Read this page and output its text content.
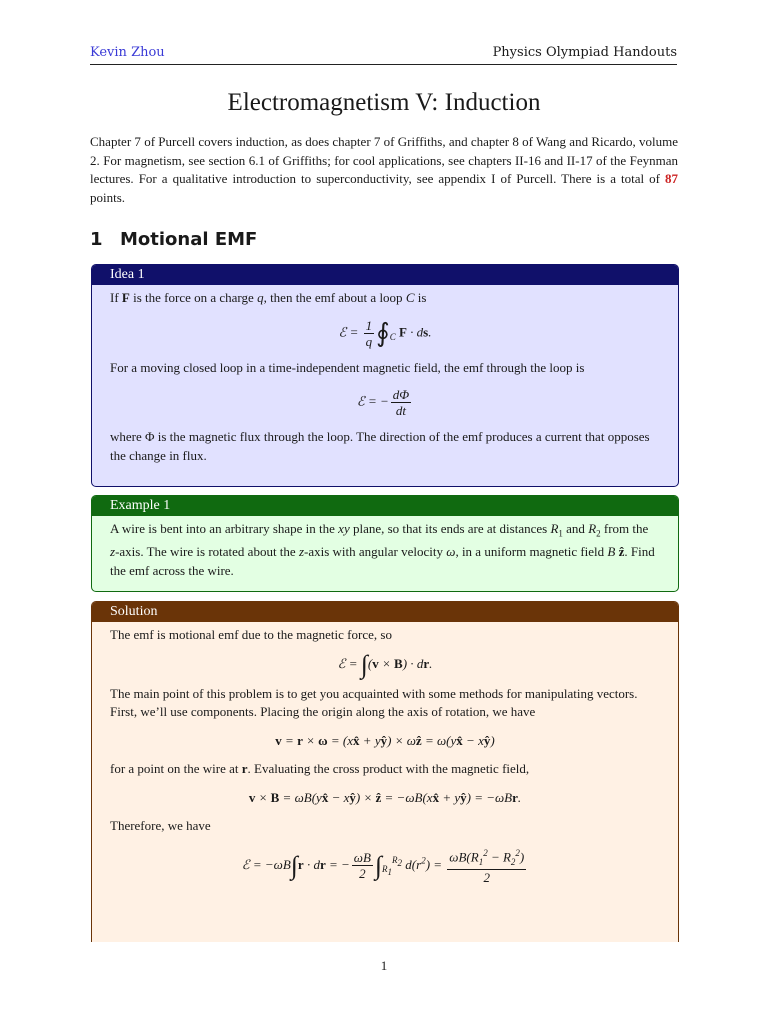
Kevin Zhou	Physics Olympiad Handouts
Electromagnetism V: Induction
Chapter 7 of Purcell covers induction, as does chapter 7 of Griffiths, and chapter 8 of Wang and Ricardo, volume 2. For magnetism, see section 6.1 of Griffiths; for cool applications, see chapters II-16 and II-17 of the Feynman lectures. For a qualitative introduction to superconductivity, see appendix I of Purcell. There is a total of 87 points.
1 Motional EMF
Idea 1

If F is the force on a charge q, then the emf about a loop C is

ℰ = $\frac{1}{q}$ $∮_C$ F · ds.

For a moving closed loop in a time-independent magnetic field, the emf through the loop is

ℰ = − $\frac{d\Phi}{dt}$

where Φ is the magnetic flux through the loop. The direction of the emf produces a current that opposes the change in flux.

Example 1

A wire is bent into an arbitrary shape in the xy plane, so that its ends are at distances $R_1$ and $R_2$ from the z-axis. The wire is rotated about the z-axis with angular velocity ω, in a uniform magnetic field B ẑ. Find the emf across the wire.

Solution

The emf is motional emf due to the magnetic force, so

ℰ = ∫(v × B) · dr.

The main point of this problem is to get you acquainted with some methods for manipulating vectors. First, we’ll use components. Placing the origin along the axis of rotation, we have

v = r × ω = (xx̂ + yŷ) × ωẑ = ω(yx̂ − xŷ)

for a point on the wire at r. Evaluating the cross product with the magnetic field,

v × B = ωB(yx̂ − xŷ) × ẑ = −ωB(xx̂ + yŷ) = −ωBr.

Therefore, we have

ℰ = −ωB∫r · dr = − $\frac{\omega B}{2} \int_{R_1}^{R_2}$ $d(r^2) = \frac{\omega B(R_1^2 - R_2^2)}{2}$
1
